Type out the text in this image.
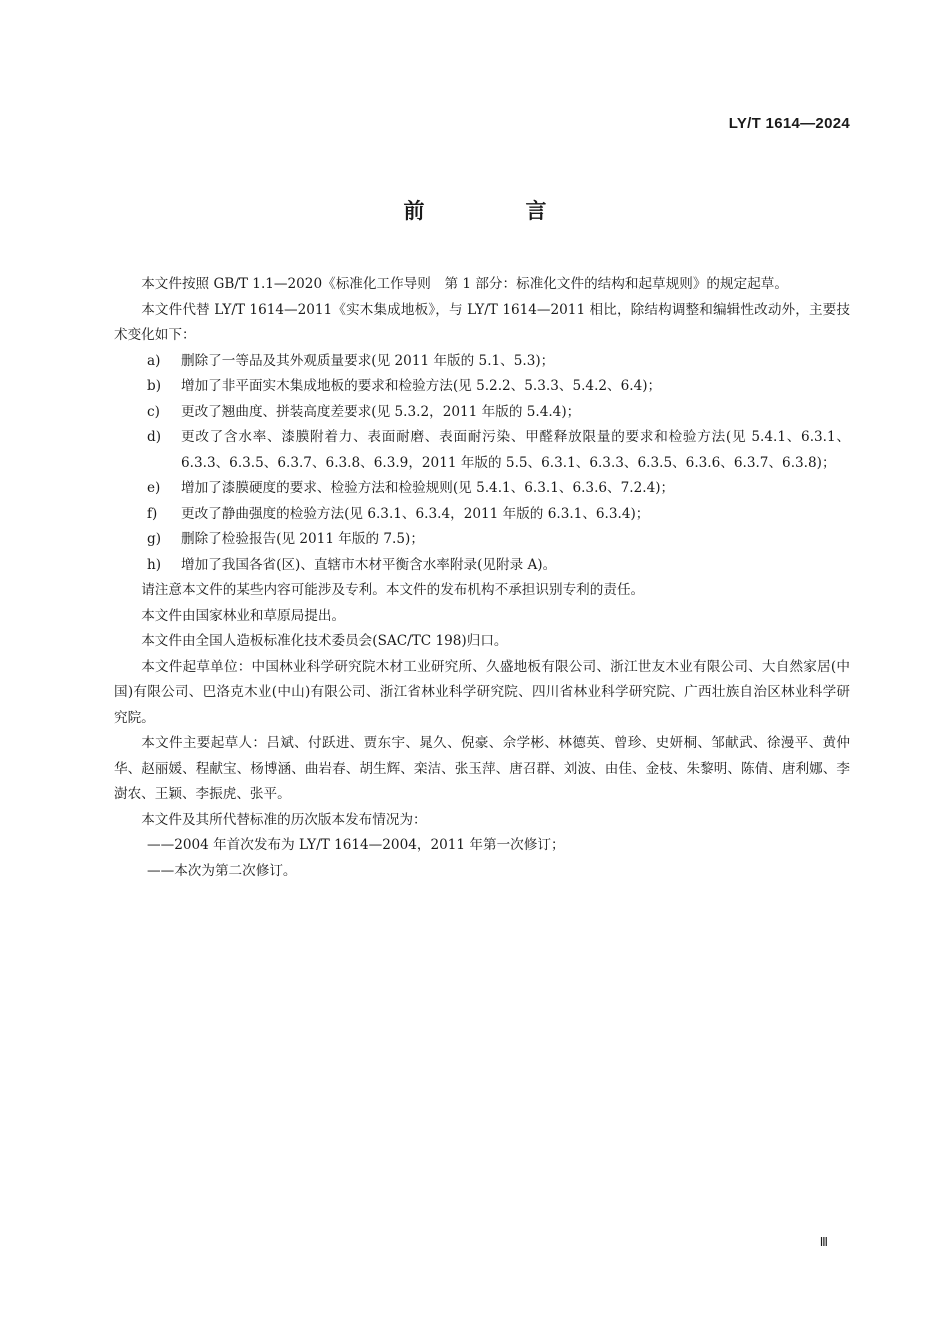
LY/T 1614—2024
前　言

本文件按照 GB/T 1.1—2020《标准化工作导则　第 1 部分：标准化文件的结构和起草规则》的规定起草。

本文件代替 LY/T 1614—2011《实木集成地板》，与 LY/T 1614—2011 相比，除结构调整和编辑性改动外，主要技术变化如下：

a)	删除了一等品及其外观质量要求(见 2011 年版的 5.1、5.3)；
b)	增加了非平面实木集成地板的要求和检验方法(见 5.2.2、5.3.3、5.4.2、6.4)；
c)	更改了翘曲度、拼装高度差要求(见 5.3.2，2011 年版的 5.4.4)；
d)	更改了含水率、漆膜附着力、表面耐磨、表面耐污染、甲醛释放限量的要求和检验方法(见 5.4.1、6.3.1、6.3.3、6.3.5、6.3.7、6.3.8、6.3.9，2011 年版的 5.5、6.3.1、6.3.3、6.3.5、6.3.6、6.3.7、6.3.8)；
e)	增加了漆膜硬度的要求、检验方法和检验规则(见 5.4.1、6.3.1、6.3.6、7.2.4)；
f)	更改了静曲强度的检验方法(见 6.3.1、6.3.4，2011 年版的 6.3.1、6.3.4)；
g)	删除了检验报告(见 2011 年版的 7.5)；
h)	增加了我国各省(区)、直辖市木材平衡含水率附录(见附录 A)。

请注意本文件的某些内容可能涉及专利。本文件的发布机构不承担识别专利的责任。

本文件由国家林业和草原局提出。

本文件由全国人造板标准化技术委员会(SAC/TC 198)归口。

本文件起草单位：中国林业科学研究院木材工业研究所、久盛地板有限公司、浙江世友木业有限公司、大自然家居(中国)有限公司、巴洛克木业(中山)有限公司、浙江省林业科学研究院、四川省林业科学研究院、广西壮族自治区林业科学研究院。

本文件主要起草人：吕斌、付跃进、贾东宇、晁久、倪豪、佘学彬、林德英、曾珍、史妍桐、邹献武、徐漫平、黄仲华、赵丽媛、程献宝、杨博涵、曲岩春、胡生辉、栾洁、张玉萍、唐召群、刘波、由佳、金枝、朱黎明、陈倩、唐利娜、李澍农、王颖、李振虎、张平。

本文件及其所代替标准的历次版本发布情况为：

——2004 年首次发布为 LY/T 1614—2004，2011 年第一次修订；

——本次为第二次修订。

Ⅲ
